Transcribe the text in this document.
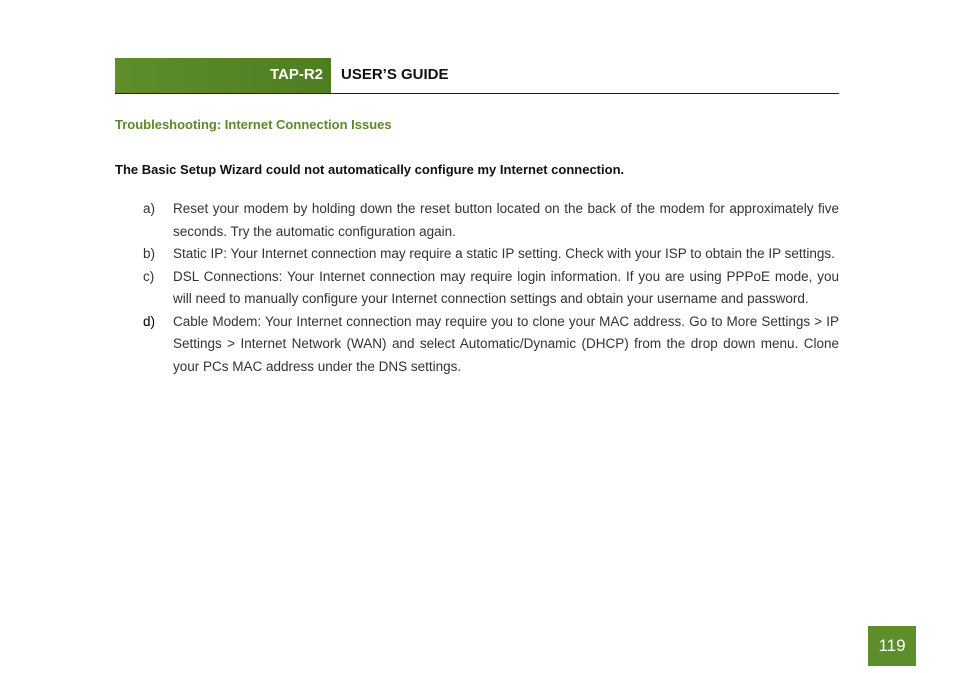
TAP-R2 USER’S GUIDE
Troubleshooting: Internet Connection Issues
The Basic Setup Wizard could not automatically configure my Internet connection.
a)	Reset your modem by holding down the reset button located on the back of the modem for approximately five seconds. Try the automatic configuration again.
b)	Static IP: Your Internet connection may require a static IP setting. Check with your ISP to obtain the IP settings.
c)	DSL Connections: Your Internet connection may require login information. If you are using PPPoE mode, you will need to manually configure your Internet connection settings and obtain your username and password.
d)	Cable Modem: Your Internet connection may require you to clone your MAC address. Go to More Settings > IP Settings > Internet Network (WAN) and select Automatic/Dynamic (DHCP) from the drop down menu. Clone your PCs MAC address under the DNS settings.
119
